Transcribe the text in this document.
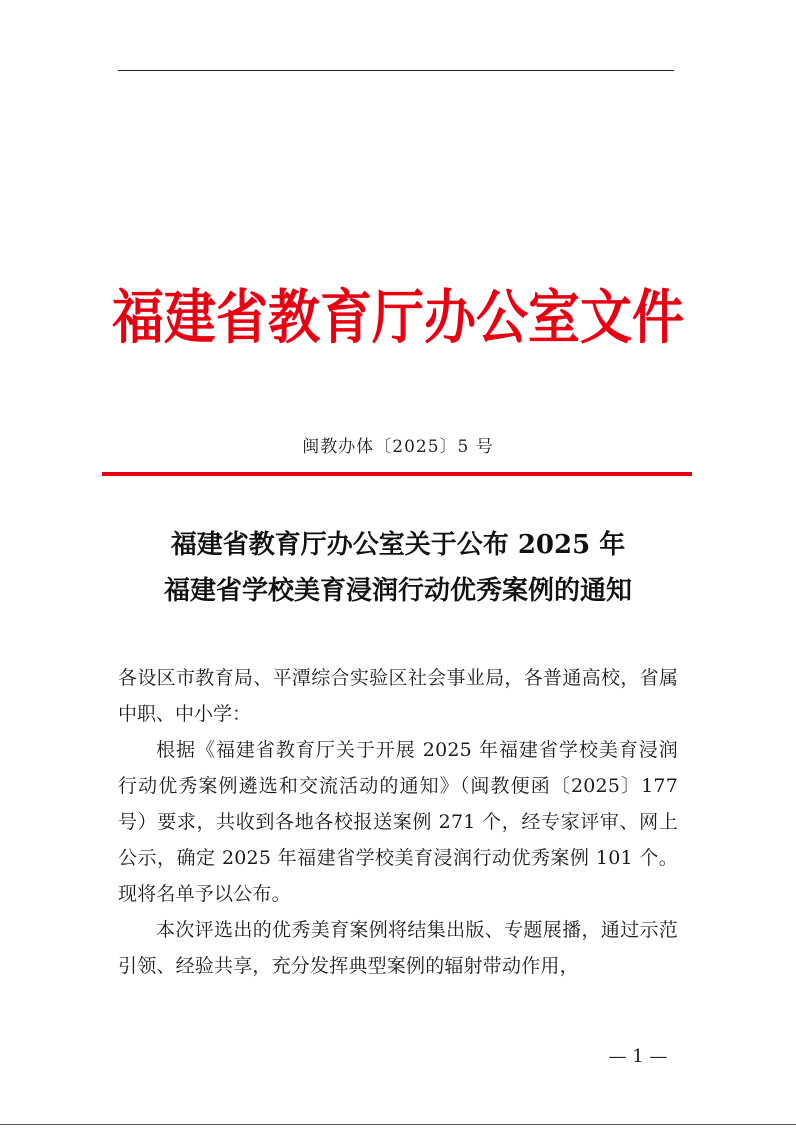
福建省教育厅办公室文件
闽教办体〔2025〕5 号
福建省教育厅办公室关于公布 2025 年
福建省学校美育浸润行动优秀案例的通知

各设区市教育局、平潭综合实验区社会事业局，各普通高校，省属中职、中小学：

根据《福建省教育厅关于开展 2025 年福建省学校美育浸润行动优秀案例遴选和交流活动的通知》（闽教便函〔2025〕177 号）要求，共收到各地各校报送案例 271 个，经专家评审、网上公示，确定 2025 年福建省学校美育浸润行动优秀案例 101 个。现将名单予以公布。

本次评选出的优秀美育案例将结集出版、专题展播，通过示范引领、经验共享，充分发挥典型案例的辐射带动作用，

— 1 —
